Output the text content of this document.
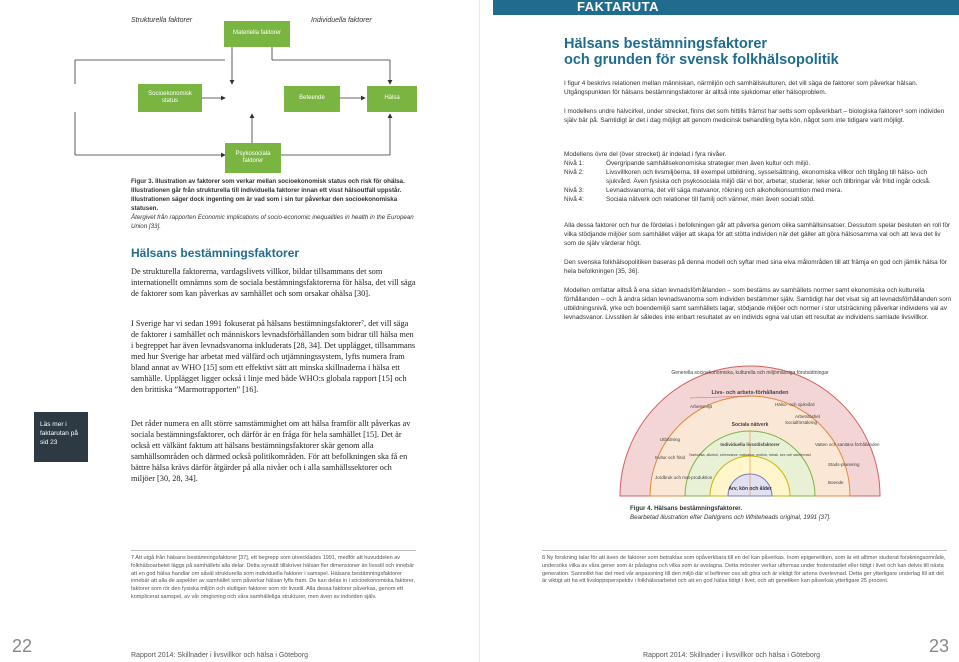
Strukturella faktorer	Individuella faktorer
Materiella faktorer
Socioekonomisk status	Beteende	Hälsa
Psykosociala faktorer
Figur 3. Illustration av faktorer som verkar mellan socioekonomisk status och risk för ohälsa.
Illustrationen går från strukturella till individuella faktorer innan ett visst hälsoutfall uppstår.
Illustrationen säger dock ingenting om är vad som i sin tur påverkar den socioekonomiska statusen.
Återgivet från rapporten Economic implications of socio-economic inequalities in health in the European Union [33].
Hälsans bestämningsfaktorer
De strukturella faktorerna, vardagslivets villkor, bildar tillsammans det som internationellt omnämns som de sociala bestämningsfaktorerna för hälsa, det vill säga de faktorer som kan påverkas av samhället och som orsakar ohälsa [30].
I Sverige har vi sedan 1991 fokuserat på hälsans bestämningsfaktorer⁷, det vill säga de faktorer i samhället och människors levnadsförhållanden som bidrar till hälsa men i begreppet har även levnadsvanorna inkluderats [28, 34]. Det upplägget, tillsammans med hur Sverige har arbetat med välfärd och utjämningssystem, lyfts numera fram bland annat av WHO [15] som ett effektivt sätt att minska skillnaderna i hälsa ett samhälle. Upplägget ligger också i linje med både WHO:s globala rapport [15] och den brittiska ”Marmotrapporten” [16].
Det råder numera en allt större samstämmighet om att hälsa framför allt påverkas av sociala bestämningsfaktorer, och därför är en fråga för hela samhället [15]. Det är också ett välkänt faktum att hälsans bestämningsfaktorer skär genom alla samhällsområden och därmed också politikområden. För att befolkningen ska få en bättre hälsa krävs därför åtgärder på alla nivåer och i alla samhällssektorer och miljöer [30, 28, 34].
Läs mer i faktarutan på sid 23
7 Att utgå från hälsans bestämningsfaktorer [37], ett begrepp som utvecklades 1991, medför att huvuddelen av folkhälsoarbetet läggs på samhällets alla delar. Detta synsätt tillskriver hälsan fler dimensioner än livsstil och innebär att en god hälsa handlar om såväl strukturella som individuella faktorer i samspel. Hälsans bestämningsfaktorer innebär att alla de aspekter av samhället som påverkar hälsan lyfts fram. De kan delas in i socioekonomiska faktorer, faktorer som rör den fysiska miljön och slutligen faktorer som rör livsstil. Alla dessa faktorer påverkas, genom ett komplicerat samspel, av vår omgivning och våra samhälleliga strukturer, men även av individen själv.
22	Rapport 2014: Skillnader i livsvillkor och hälsa i Göteborg
FAKTARUTA
Hälsans bestämningsfaktorer
och grunden för svensk folkhälsopolitik
I figur 4 beskrivs relationen mellan människan, närmiljön och samhällskulturen, det vill säga de faktorer som påverkar hälsan. Utgångspunkten för hälsans bestämningsfaktorer är alltså inte sjukdomar eller hälsoproblem.
I modellens undre halvcirkel, under strecket, finns det som hittills främst har setts som opåverkbart – biologiska faktorer⁸ som individen själv bär på. Samtidigt är det i dag möjligt att genom medicinsk behandling byta kön, något som inte tidigare varit möjligt.
Modellens övre del (över strecket) är indelad i fyra nivåer.
Nivå 1:	Övergripande samhällsekonomiska strategier men även kultur och miljö.
Nivå 2:	Livsvillkoren och livsmiljöerna, till exempel utbildning, sysselsättning, ekonomiska villkor och tillgång till hälso- och sjukvård. Även fysiska och psykosociala miljö där vi bor, arbetar, studerar, leker och tillbringar vår fritid ingår också.
Nivå 3:	Levnadsvanorna, det vill säga matvanor, rökning och alkoholkonsumtion med mera.
Nivå 4:	Sociala nätverk och relationer till familj och vänner, men även socialt stöd.
Alla dessa faktorer och hur de fördelas i befolkningen går att påverka genom olika samhällsinsatser. Dessutom spelar besluten en roll för vilka stödjande miljöer som samhället väljer att skapa för att stötta individen när det gäller att göra hälsosamma val och att leva det liv som de själv värderar högt.
Den svenska folkhälsopolitiken baseras på denna modell och syftar med sina elva målområden till att främja en god och jämlik hälsa för hela befolkningen [35, 36].
Modellen omfattar alltså å ena sidan levnadsförhållanden – som bestäms av samhällets normer samt ekonomiska och kulturella förhållanden – och å andra sidan levnadsvanorna som individen bestämmer själv. Samtidigt har det visat sig att levnadsförhållanden som utbildningsnivå, yrke och boendemiljö samt samhällets lagar, stödjande miljöer och normer i stor utsträckning påverkar individens val av levnadsvanor. Livsstilen är således inte enbart resultatet av en individs egna val utan ett resultat av individens samlade livsvillkor.
Generella socioekonomiska, kulturella och miljömässiga förutsättningar
Livs- och arbets-förhållanden
Arbetsmiljö	Hälso- och sjukvård
Arbetslöshet
Sociala nätverk	Socialförsäkring
Utbildning
Individuella livsstilsfaktorer
Narkotika, alkohol, sömnvanor, matvanor, motion, tobak, sex och samlevnad
Vatten och sanitära förhållanden
Kultur och fritid
Stads-planering
Jordbruk och mat-produktion
Boende
Arv, kön och ålder
Figur 4. Hälsans bestämningsfaktorer.
Bearbetad illustration efter Dahlgrens och Whiteheads original, 1991 [37].
8 Ny forskning talar för att även de faktorer som betraktas som opåverkbara till en del kan påverkas. Inom epigenetiken, som är ett alltmer studerat forskningsområde, undersöks vilka av våra gener som är påslagna och vilka som är avslagna. Detta mönster verkar utformas under fosterstadiet eller tidigt i livet och kan delvis till nästa generation. Sannolikt har det med vår anpassning till den miljö där vi befinner oss att göra och är viktigt för artens överlevnad. Detta ger ytterligare underlag till att det är viktigt att ha ett livsloppsperspektiv i folkhälsoarbetet och att en god hälsa tidigt i livet, och att genetiken kan påverkas ytterligare 25 procent.
23
Rapport 2014: Skillnader i livsvillkor och hälsa i Göteborg
